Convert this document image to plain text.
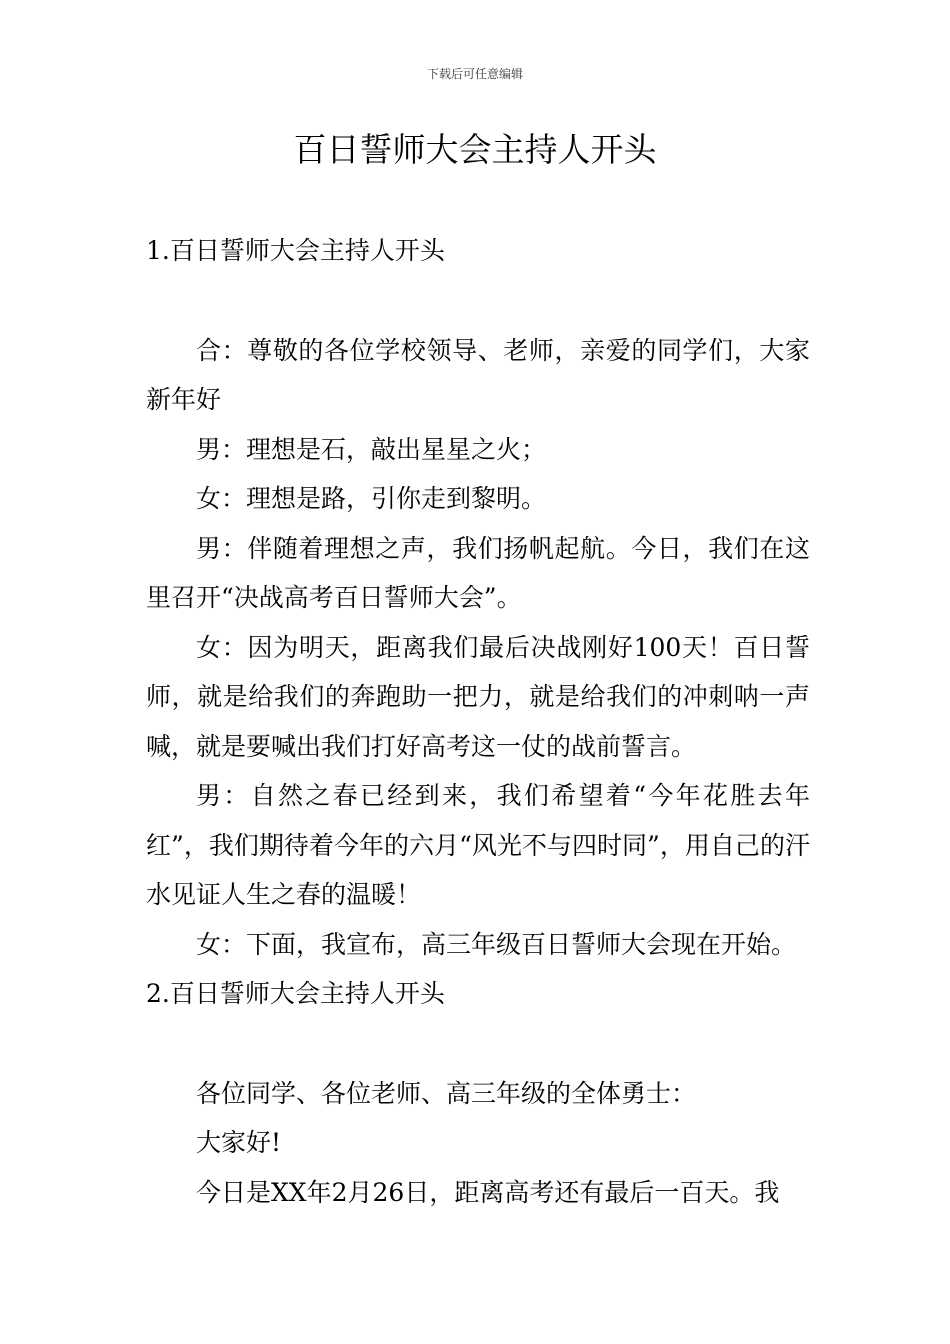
下载后可任意编辑
百日誓师大会主持人开头
1.百日誓师大会主持人开头
合：尊敬的各位学校领导、老师，亲爱的同学们，大家新年好
男：理想是石，敲出星星之火；
女：理想是路，引你走到黎明。
男：伴随着理想之声，我们扬帆起航。今日，我们在这里召开“决战高考百日誓师大会”。
女：因为明天，距离我们最后决战刚好100天！百日誓师，就是给我们的奔跑助一把力，就是给我们的冲刺呐一声喊，就是要喊出我们打好高考这一仗的战前誓言。
男：自然之春已经到来，我们希望着“今年花胜去年红”，我们期待着今年的六月“风光不与四时同”，用自己的汗水见证人生之春的温暖！
女：下面，我宣布，高三年级百日誓师大会现在开始。
2.百日誓师大会主持人开头
各位同学、各位老师、高三年级的全体勇士：
大家好!
今日是XX年2月26日，距离高考还有最后一百天。我
